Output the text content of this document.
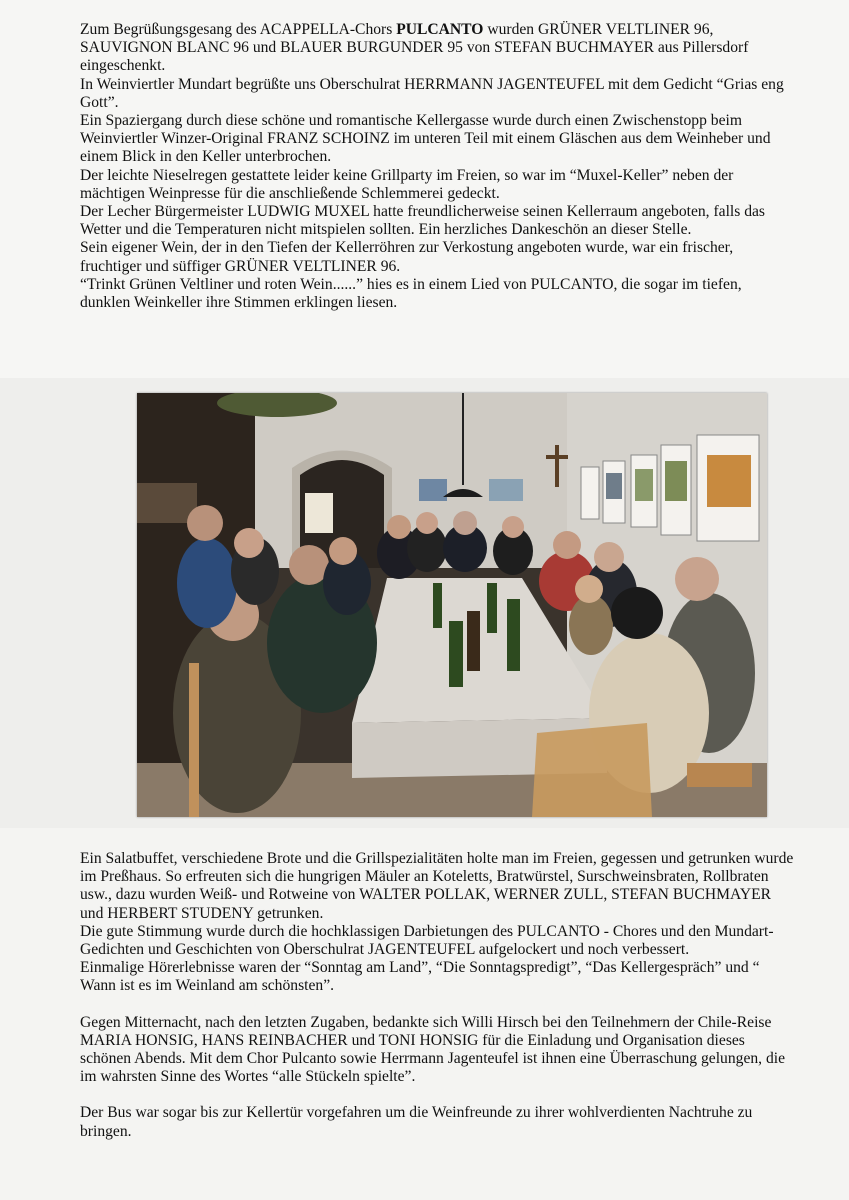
Zum Begrüßungsgesang des ACAPPELLA-Chors PULCANTO wurden GRÜNER VELTLINER 96, SAUVIGNON BLANC 96 und BLAUER BURGUNDER 95 von STEFAN BUCHMAYER aus Pillersdorf eingeschenkt.

In Weinviertler Mundart begrüßte uns Oberschulrat HERRMANN JAGENTEUFEL mit dem Gedicht “Grias eng Gott”.

Ein Spaziergang durch diese schöne und romantische Kellergasse wurde durch einen Zwischenstopp beim Weinviertler Winzer-Original FRANZ SCHOINZ im unteren Teil mit einem Gläschen aus dem Weinheber und einem Blick in den Keller unterbrochen.

Der leichte Nieselregen gestattete leider keine Grillparty im Freien, so war im “Muxel-Keller” neben der mächtigen Weinpresse für die anschließende Schlemmerei gedeckt.

Der Lecher Bürgermeister LUDWIG MUXEL hatte freundlicherweise seinen Kellerraum angeboten, falls das Wetter und die Temperaturen nicht mitspielen sollten. Ein herzliches Dankeschön an dieser Stelle.

Sein eigener Wein, der in den Tiefen der Kellerröhren zur Verkostung angeboten wurde, war ein frischer, fruchtiger und süffiger GRÜNER VELTLINER 96.

“Trinkt Grünen Veltliner und roten Wein......” hies es in einem Lied von PULCANTO, die sogar im tiefen, dunklen Weinkeller ihre Stimmen erklingen liesen.

Ein Salatbuffet, verschiedene Brote und die Grillspezialitäten holte man im Freien, gegessen und getrunken wurde im Preßhaus. So erfreuten sich die hungrigen Mäuler an Koteletts, Bratwürstel, Surschweinsbraten, Rollbraten usw., dazu wurden Weiß- und Rotweine von WALTER POLLAK, WERNER ZULL, STEFAN BUCHMAYER und HERBERT STUDENY getrunken.

Die gute Stimmung wurde durch die hochklassigen Darbietungen des PULCANTO - Chores und den Mundart-Gedichten und Geschichten von Oberschulrat JAGENTEUFEL aufgelockert und noch verbessert.

Einmalige Hörerlebnisse waren der “Sonntag am Land”, “Die Sonntagspredigt”, “Das Kellergespräch” und “ Wann ist es im Weinland am schönsten”.

Gegen Mitternacht, nach den letzten Zugaben, bedankte sich Willi Hirsch bei den Teilnehmern der Chile-Reise MARIA HONSIG, HANS REINBACHER und TONI HONSIG für die Einladung und Organisation dieses schönen Abends. Mit dem Chor Pulcanto sowie Herrmann Jagenteufel ist ihnen eine Überraschung gelungen, die im wahrsten Sinne des Wortes “alle Stückeln spielte”.

Der Bus war sogar bis zur Kellertür vorgefahren um die Weinfreunde zu ihrer wohlverdienten Nachtruhe zu bringen.
